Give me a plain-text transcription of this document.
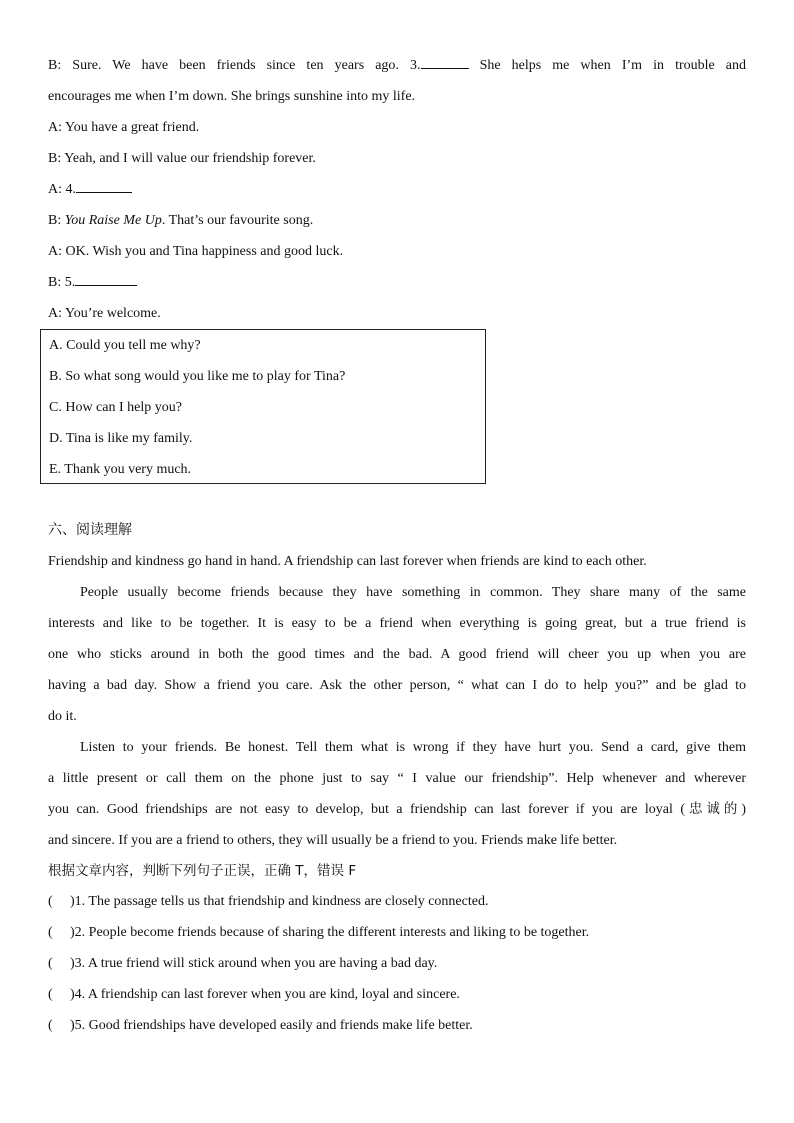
B: Sure. We have been friends since ten years ago. 3.	She helps me when I’m in trouble and
encourages me when I’m down. She brings sunshine into my life.
A: You have a great friend.
B: Yeah, and I will value our friendship forever.
A: 4.
B: You Raise Me Up. That’s our favourite song.
A: OK. Wish you and Tina happiness and good luck.
B: 5.
A: You’re welcome.
A. Could you tell me why?
B. So what song would you like me to play for Tina?
C. How can I help you?
D. Tina is like my family.
E. Thank you very much.
六、阅读理解
Friendship and kindness go hand in hand. A friendship can last forever when friends are kind to each other.
People usually become friends because they have something in common. They share many of the same
interests and like to be together. It is easy to be a friend when everything is going great, but a true friend is
one who sticks around in both the good times and the bad. A good friend will cheer you up when you are
having a bad day. Show a friend you care. Ask the other person, “ what can I do to help you?” and be glad to
do it.
Listen to your friends. Be honest. Tell them what is wrong if they have hurt you. Send a card, give them
a little present or call them on the phone just to say “ I value our friendship”. Help whenever and wherever
you can. Good friendships are not easy to develop, but a friendship can last forever if you are loyal (忠诚的)
and sincere. If you are a friend to others, they will usually be a friend to you. Friends make life better.
根据文章内容，判断下列句子正误，正确 T，错误 F
( )1. The passage tells us that friendship and kindness are closely connected.
( )2. People become friends because of sharing the different interests and liking to be together.
( )3. A true friend will stick around when you are having a bad day.
( )4. A friendship can last forever when you are kind, loyal and sincere.
( )5. Good friendships have developed easily and friends make life better.
